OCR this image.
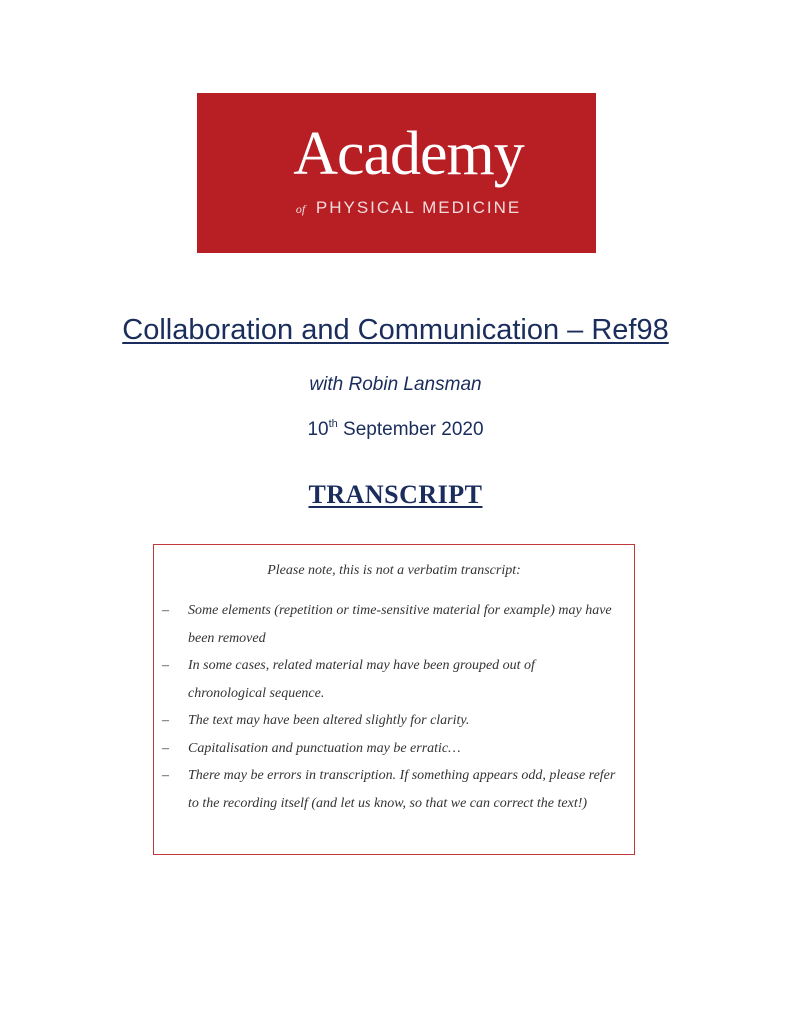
Academy
of PHYSICAL MEDICINE
Collaboration and Communication – Ref98
with Robin Lansman
10th September 2020
TRANSCRIPT
Please note, this is not a verbatim transcript:
– Some elements (repetition or time-sensitive material for example) may have been removed
– In some cases, related material may have been grouped out of chronological sequence.
– The text may have been altered slightly for clarity.
– Capitalisation and punctuation may be erratic…
– There may be errors in transcription. If something appears odd, please refer to the recording itself (and let us know, so that we can correct the text!)
